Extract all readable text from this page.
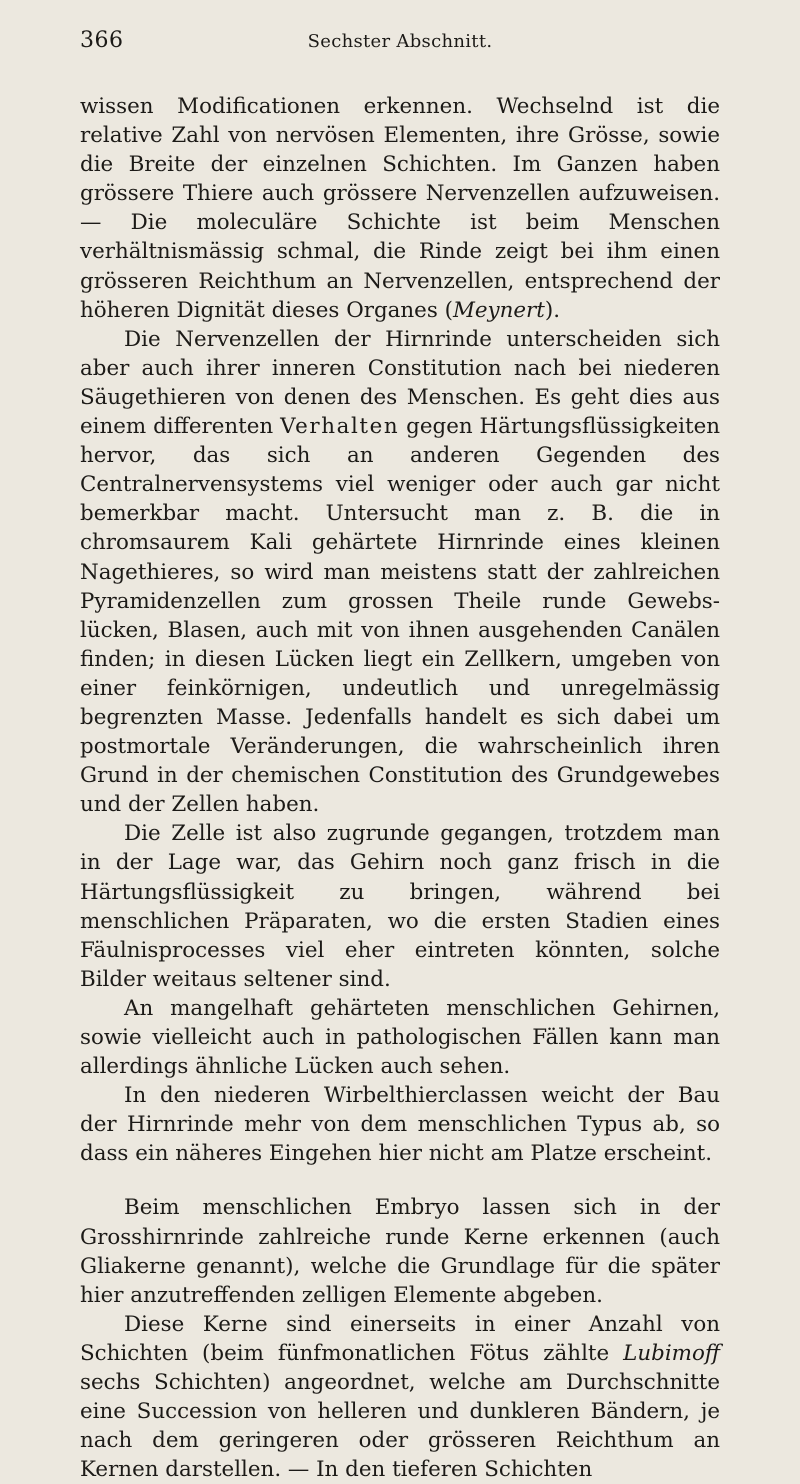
366	Sechster Abschnitt.

wissen Modificationen erkennen. Wechselnd ist die relative Zahl von nervösen Elementen, ihre Grösse, sowie die Breite der einzelnen Schichten. Im Ganzen haben grössere Thiere auch grössere Nervenzellen aufzuweisen. — Die moleculäre Schichte ist beim Menschen verhältnismässig schmal, die Rinde zeigt bei ihm einen grösseren Reichthum an Nervenzellen, entsprechend der höheren Dignität dieses Organes (Meynert).

Die Nervenzellen der Hirnrinde unterscheiden sich aber auch ihrer inneren Constitution nach bei niederen Säugethieren von denen des Menschen. Es geht dies aus einem differenten Verhalten gegen Härtungsflüssigkeiten hervor, das sich an anderen Gegenden des Centralnervensystems viel weniger oder auch gar nicht bemerkbar macht. Untersucht man z. B. die in chromsaurem Kali gehärtete Hirnrinde eines kleinen Nagethieres, so wird man meistens statt der zahlreichen Pyramidenzellen zum grossen Theile runde Gewebslücken, Blasen, auch mit von ihnen ausgehenden Canälen finden; in diesen Lücken liegt ein Zellkern, umgeben von einer feinkörnigen, undeutlich und unregelmässig begrenzten Masse. Jedenfalls handelt es sich dabei um postmortale Veränderungen, die wahrscheinlich ihren Grund in der chemischen Constitution des Grundgewebes und der Zellen haben.

Die Zelle ist also zugrunde gegangen, trotzdem man in der Lage war, das Gehirn noch ganz frisch in die Härtungsflüssigkeit zu bringen, während bei menschlichen Präparaten, wo die ersten Stadien eines Fäulnisprocesses viel eher eintreten könnten, solche Bilder weitaus seltener sind.

An mangelhaft gehärteten menschlichen Gehirnen, sowie vielleicht auch in pathologischen Fällen kann man allerdings ähnliche Lücken auch sehen.

In den niederen Wirbelthierclassen weicht der Bau der Hirnrinde mehr von dem menschlichen Typus ab, so dass ein näheres Eingehen hier nicht am Platze erscheint.

Beim menschlichen Embryo lassen sich in der Grosshirnrinde zahlreiche runde Kerne erkennen (auch Gliakerne genannt), welche die Grundlage für die später hier anzutreffenden zelligen Elemente abgeben.

Diese Kerne sind einerseits in einer Anzahl von Schichten (beim fünfmonatlichen Fötus zählte Lubimoff sechs Schichten) angeordnet, welche am Durchschnitte eine Succession von helleren und dunkleren Bändern, je nach dem geringeren oder grösseren Reichthum an Kernen darstellen. — In den tieferen Schichten
